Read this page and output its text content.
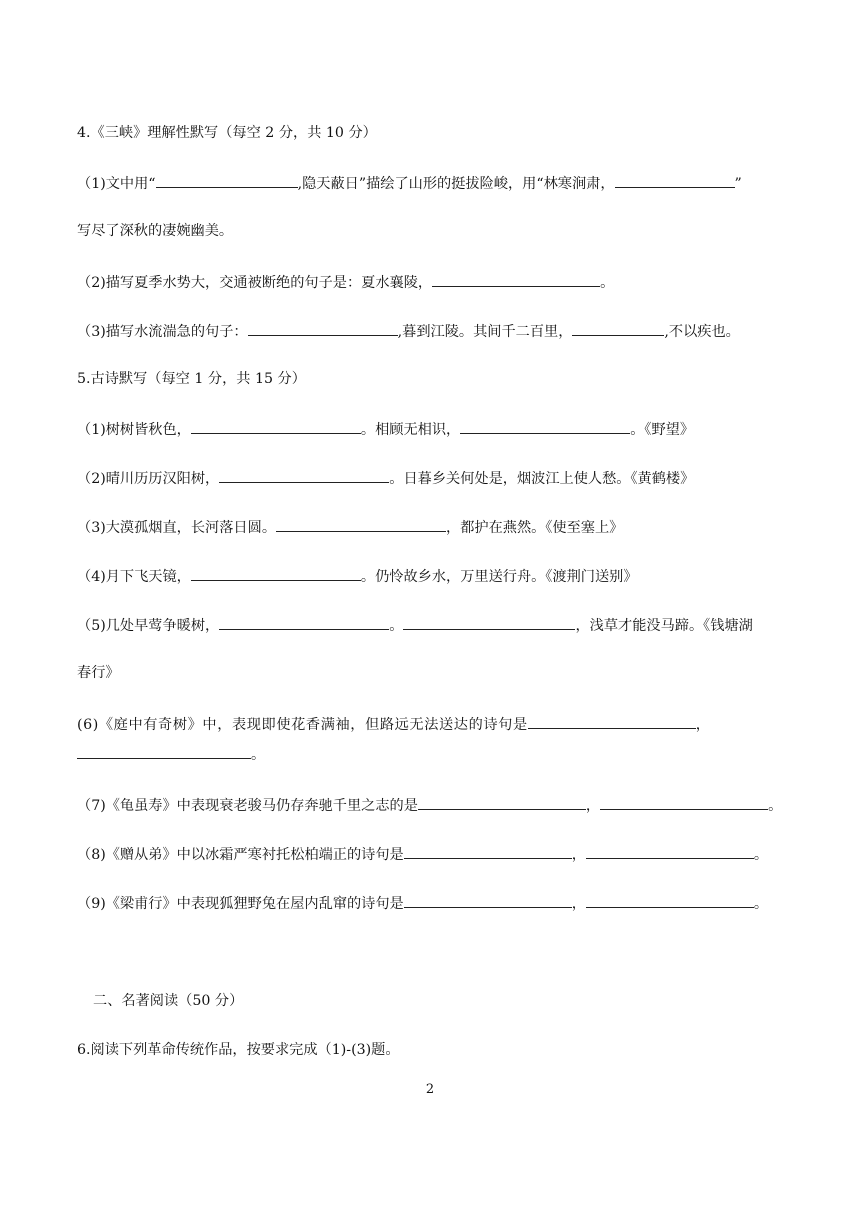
4.《三峡》理解性默写（每空 2 分，共 10 分）
（1)文中用“	,隐天蔽日”描绘了山形的挺拔险峻，用“林寒涧肃，	”
写尽了深秋的凄婉幽美。
（2)描写夏季水势大，交通被断绝的句子是：夏水襄陵，	。
（3)描写水流湍急的句子：	,暮到江陵。其间千二百里，	,不以疾也。
5.古诗默写（每空 1 分，共 15 分）
（1)树树皆秋色，	。相顾无相识，	。《野望》
（2)晴川历历汉阳树，	。日暮乡关何处是，烟波江上使人愁。《黄鹤楼》
（3)大漠孤烟直，长河落日圆。	，都护在燕然。《使至塞上》
（4)月下飞天镜，	。仍怜故乡水，万里送行舟。《渡荆门送别》
（5)几处早莺争暖树，	。	，浅草才能没马蹄。《钱塘湖
春行》
(6)《庭中有奇树》中，表现即使花香满袖，但路远无法送达的诗句是	，
。
（7)《龟虽寿》中表现衰老骏马仍存奔驰千里之志的是	，	。
（8)《赠从弟》中以冰霜严寒衬托松柏端正的诗句是	，	。
（9)《梁甫行》中表现狐狸野兔在屋内乱窜的诗句是	，	。
二、名著阅读（50 分）
6.阅读下列革命传统作品，按要求完成（1)-(3)题。
2
